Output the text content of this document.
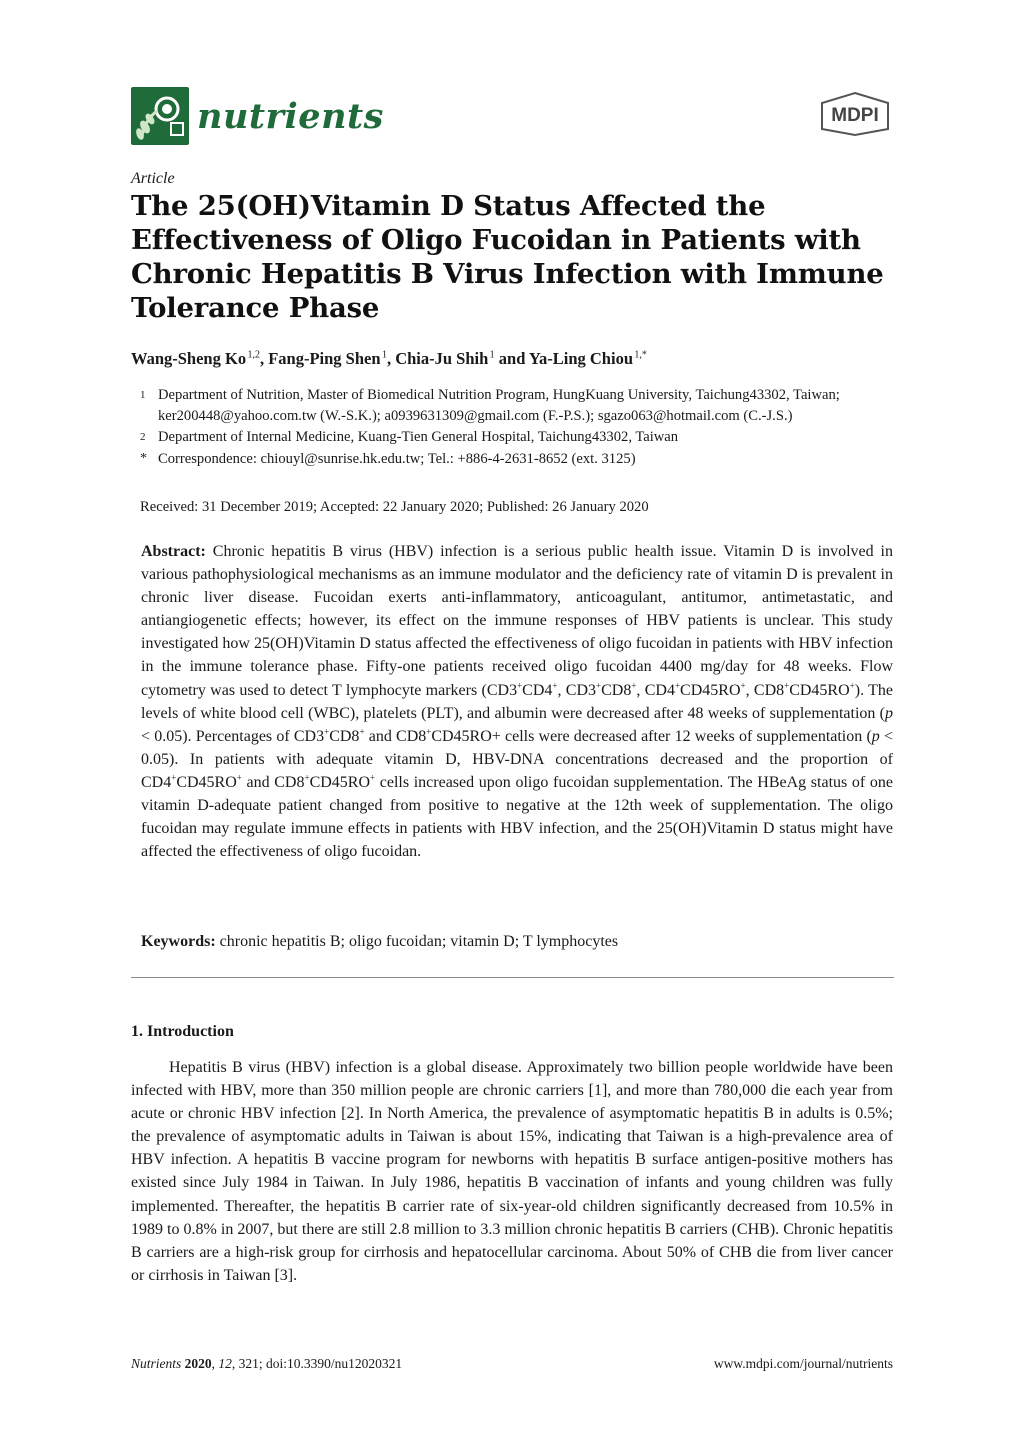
nutrients	MDPI
Article
The 25(OH)Vitamin D Status Affected the Effectiveness of Oligo Fucoidan in Patients with Chronic Hepatitis B Virus Infection with Immune Tolerance Phase
Wang-Sheng Ko $^{1,2}$, Fang-Ping Shen $^1$, Chia-Ju Shih $^1$ and Ya-Ling Chiou $^{1,*}$
1 Department of Nutrition, Master of Biomedical Nutrition Program, HungKuang University, Taichung43302, Taiwan; ker200448@yahoo.com.tw (W.-S.K.); a0939631309@gmail.com (F.-P.S.); sgazo063@hotmail.com (C.-J.S.)
2 Department of Internal Medicine, Kuang-Tien General Hospital, Taichung43302, Taiwan
* Correspondence: chiouyl@sunrise.hk.edu.tw; Tel.: +886-4-2631-8652 (ext. 3125)
Received: 31 December 2019; Accepted: 22 January 2020; Published: 26 January 2020
Abstract: Chronic hepatitis B virus (HBV) infection is a serious public health issue. Vitamin D is involved in various pathophysiological mechanisms as an immune modulator and the deficiency rate of vitamin D is prevalent in chronic liver disease. Fucoidan exerts anti-inflammatory, anticoagulant, antitumor, antimetastatic, and antiangiogenetic effects; however, its effect on the immune responses of HBV patients is unclear. This study investigated how 25(OH)Vitamin D status affected the effectiveness of oligo fucoidan in patients with HBV infection in the immune tolerance phase. Fifty-one patients received oligo fucoidan 4400 mg/day for 48 weeks. Flow cytometry was used to detect T lymphocyte markers (CD3+CD4+, CD3+CD8+, CD4+CD45RO+, CD8+CD45RO+). The levels of white blood cell (WBC), platelets (PLT), and albumin were decreased after 48 weeks of supplementation (p < 0.05). Percentages of CD3+CD8+ and CD8+CD45RO+ cells were decreased after 12 weeks of supplementation (p < 0.05). In patients with adequate vitamin D, HBV-DNA concentrations decreased and the proportion of CD4+CD45RO+ and CD8+CD45RO+ cells increased upon oligo fucoidan supplementation. The HBeAg status of one vitamin D-adequate patient changed from positive to negative at the 12th week of supplementation. The oligo fucoidan may regulate immune effects in patients with HBV infection, and the 25(OH)Vitamin D status might have affected the effectiveness of oligo fucoidan.
Keywords: chronic hepatitis B; oligo fucoidan; vitamin D; T lymphocytes
1. Introduction

Hepatitis B virus (HBV) infection is a global disease. Approximately two billion people worldwide have been infected with HBV, more than 350 million people are chronic carriers [1], and more than 780,000 die each year from acute or chronic HBV infection [2]. In North America, the prevalence of asymptomatic hepatitis B in adults is 0.5%; the prevalence of asymptomatic adults in Taiwan is about 15%, indicating that Taiwan is a high-prevalence area of HBV infection. A hepatitis B vaccine program for newborns with hepatitis B surface antigen-positive mothers has existed since July 1984 in Taiwan. In July 1986, hepatitis B vaccination of infants and young children was fully implemented. Thereafter, the hepatitis B carrier rate of six-year-old children significantly decreased from 10.5% in 1989 to 0.8% in 2007, but there are still 2.8 million to 3.3 million chronic hepatitis B carriers (CHB). Chronic hepatitis B carriers are a high-risk group for cirrhosis and hepatocellular carcinoma. About 50% of CHB die from liver cancer or cirrhosis in Taiwan [3].

Nutrients 2020, 12, 321; doi:10.3390/nu12020321	www.mdpi.com/journal/nutrients
